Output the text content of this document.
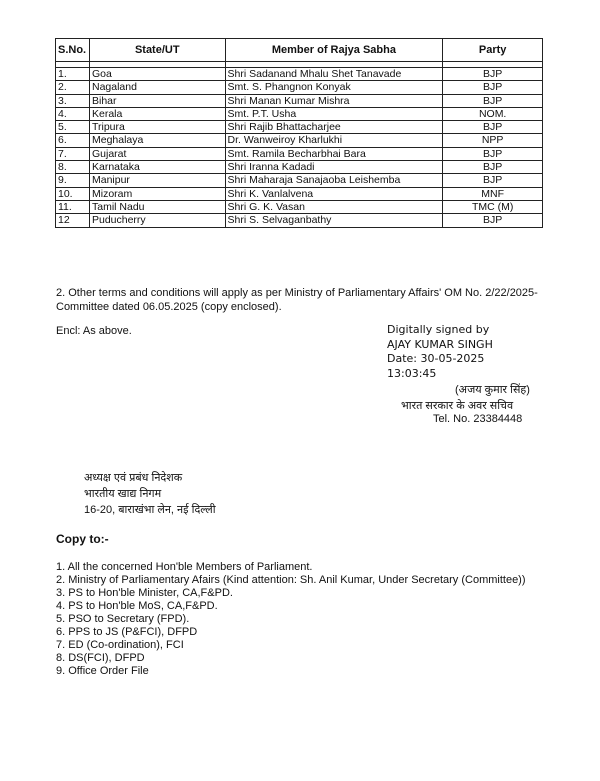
S.No.	State/UT	Member of Rajya Sabha	Party

1.	Goa	Shri Sadanand Mhalu Shet Tanavade	BJP
2.	Nagaland	Smt. S. Phangnon Konyak	BJP
3.	Bihar	Shri Manan Kumar Mishra	BJP
4.	Kerala	Smt. P.T. Usha	NOM.
5.	Tripura	Shri Rajib Bhattacharjee	BJP
6.	Meghalaya	Dr. Wanweiroy Kharlukhi	NPP
7.	Gujarat	Smt. Ramila Becharbhai Bara	BJP
8.	Karnataka	Shri Iranna Kadadi	BJP
9.	Manipur	Shri Maharaja Sanajaoba Leishemba	BJP
10.	Mizoram	Shri K. Vanlalvena	MNF
11.	Tamil Nadu	Shri G. K. Vasan	TMC (M)
12	Puducherry	Shri S. Selvaganbathy	BJP
2. Other terms and conditions will apply as per Ministry of Parliamentary Affairs' OM No. 2/22/2025-Committee dated 06.05.2025 (copy enclosed).
Encl: As above.	Digitally signed by
AJAY KUMAR SINGH
Date: 30-05-2025
13:03:45
(अजय कुमार सिंह)
भारत सरकार के अवर सचिव
Tel. No. 23384448
अध्यक्ष एवं प्रबंध निदेशक
भारतीय खाद्य निगम
16-20, बाराखंभा लेन, नई दिल्ली
Copy to:-
1. All the concerned Hon'ble Members of Parliament.
2. Ministry of Parliamentary Afairs (Kind attention: Sh. Anil Kumar, Under Secretary (Committee))
3. PS to Hon'ble Minister, CA,F&PD.
4. PS to Hon'ble MoS, CA,F&PD.
5. PSO to Secretary (FPD).
6. PPS to JS (P&FCI), DFPD
7. ED (Co-ordination), FCI
8. DS(FCI), DFPD
9. Office Order File
